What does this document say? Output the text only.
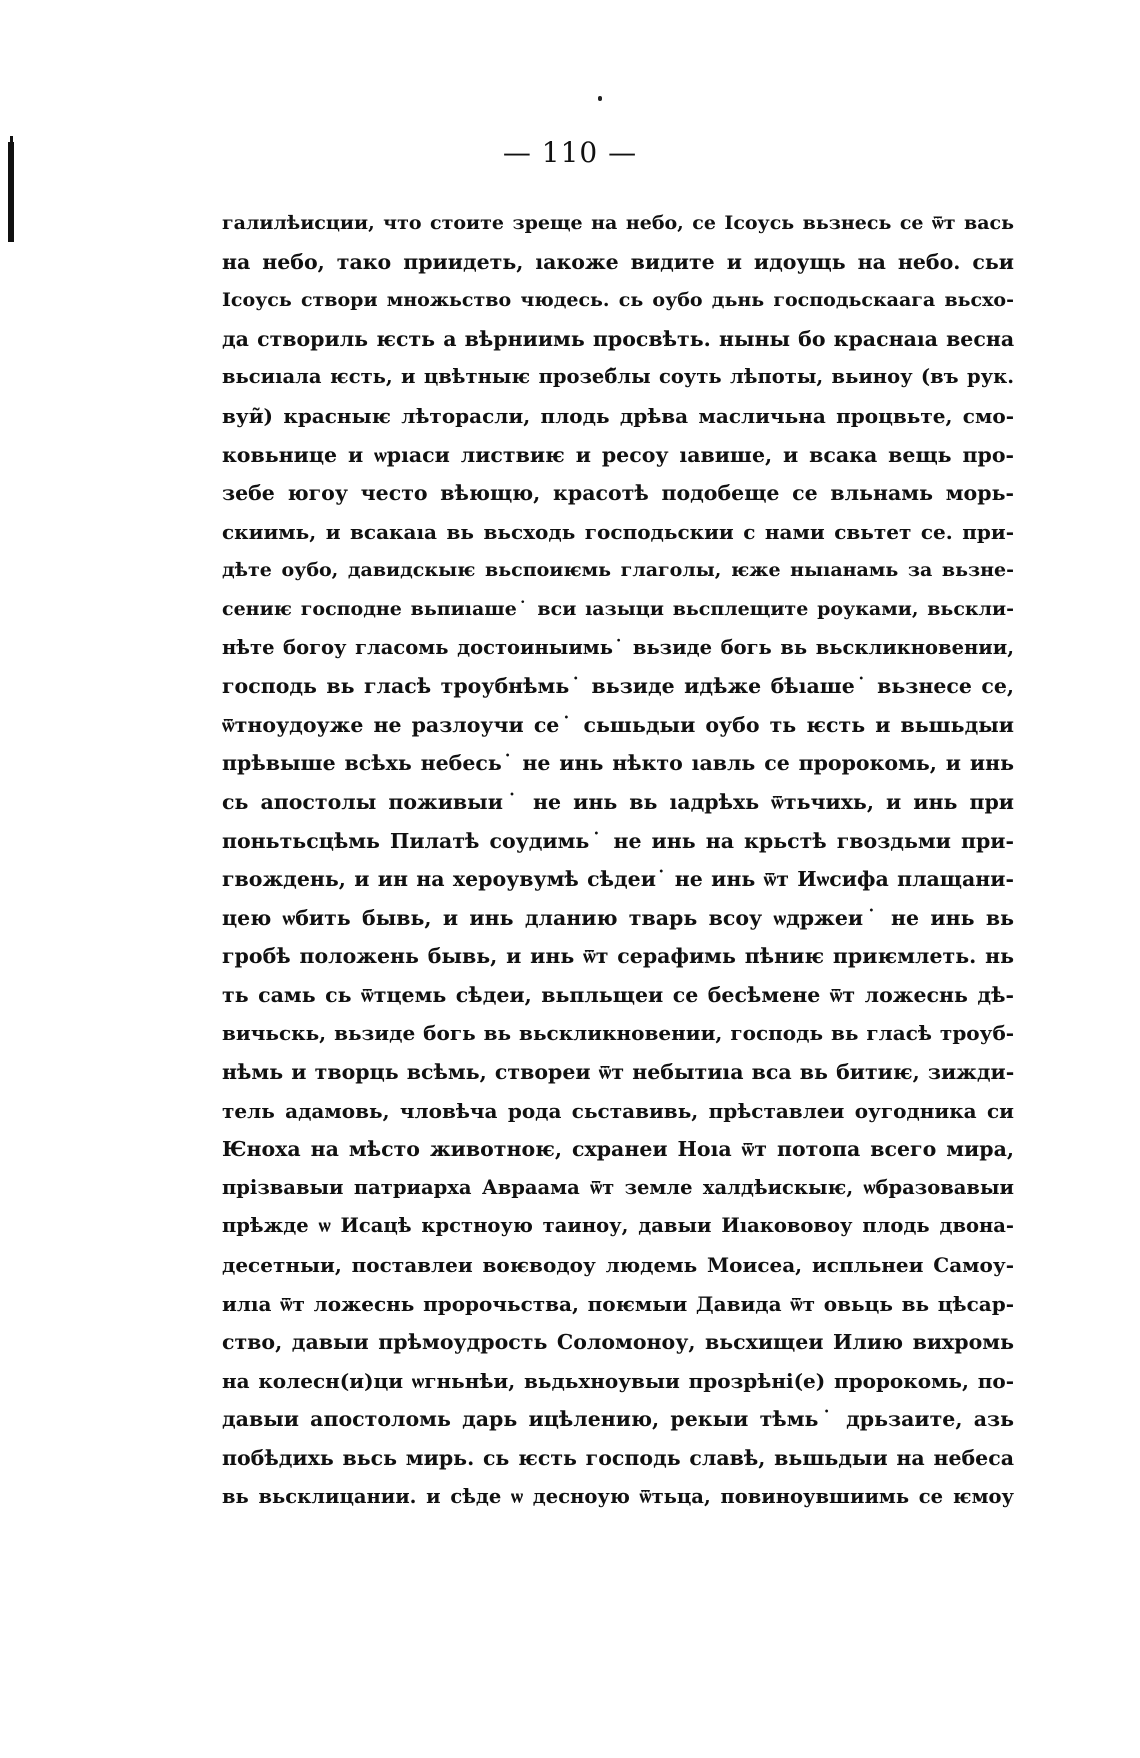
— 110 —
галилѣисции, что стоите зреще на небо, се Ісоусь вьзнесь се ѿт вась
на небо, тако приидеть, ıакоже видите и идоущь на небо. сьи
Ісоусь створи множьство чюдесь. сь оубо дьнь господьскаага вьсхо-
да створиль ѥсть а вѣрниимь просвѣть. ныны бо краснаıа весна
вьсиıала ѥсть, и цвѣтныѥ прозеб̃лы соуть лѣпоты, вьиноу (въ рук.
вуи̃) красныѥ лѣторасли, плодь дрѣва масличьна процвьте, смо-
ковьнице и ѡрıаси листвиѥ и ресоу ıавише, и всака вещь про-
зебе югоу често вѣющю, красотѣ подобеще се вльнамь морь-
скиимь, и всакаıа вь вьсходь господьскии с нами свьтет се. при-
дѣте оубо, давидскыѥ вьспоиѥмь глаголы, ѥже ныıанамь за вьзне-
сениѥ господне вьпиıаше˙ вси ıазыци вьсплещите роуками, вьскли-
нѣте богоу гласомь достоиныимь˙ вьзиде богь вь вьскликновении,
господь вь гласѣ троубнѣмь˙ вьзиде идѣже бѣıаше˙ вьзнесе се,
ѿтноудоуже не разлоучи се˙ сьшьдыи оубо ть ѥсть и вьшьдыи
прѣвыше всѣхь небесь˙ не инь нѣкто ıавль се пророкомь, и инь
сь апостолы поживыи˙ не инь вь ıадрѣхь ѿтьчихь, и инь при
поньтьсцѣмь Пилатѣ соудимь˙ не инь на крьстѣ гвоздьми при-
гвождень, и ин на хероувумѣ сѣдеи˙ не инь ѿт Иѡсифа плащани-
цею ѡбить бывь, и инь дланию тварь всоу ѡдржеи˙ не инь вь
гробѣ положень бывь, и инь ѿт серафимь пѣниѥ приѥмлеть. нь
ть самь сь ѿтцемь сѣдеи, вьпльщеи се бесѣмене ѿт ложеснь дѣ-
вичьскь, вьзиде богь вь вьскликновении, господь вь гласѣ троуб-
нѣмь и творць всѣмь, створеи ѿт небытиıа вса вь битиѥ, зижди-
тель адамовь, чловѣча рода сьставивь, прѣставлеи оугодника си
Ѥноха на мѣсто животноѥ, схранеи Ноıа ѿт потопа всего мира,
прізвавыи патриарха Авраама ѿт земле халдѣискыѥ, ѡбразовавыи
прѣжде ѡ Исацѣ крстноую таиноу, давыи Иıакововоу плодь двона-
десетныи, поставлеи воѥводоу людемь Моисеа, испльнеи Самоу-
илıа ѿт ложеснь пророчьства, поѥмыи Давида ѿт овьць вь цѣсар-
ство, давыи прѣмоудрость Соломоноу, вьсхищеи Илию вихромь
на колесн(и)ци ѡгньнѣи, вьдьхноувыи прозрѣні(е) пророкомь, по-
давыи апостоломь дарь ицѣлению, рекыи тѣмь˙ дрьзаите, азь
побѣдихь вьсь мирь. сь ѥсть господь славѣ, вьшьдыи на небеса
вь вьсклицании. и сѣде ѡ десноую ѿтьца, повиноувшиимь се ѥмоу
